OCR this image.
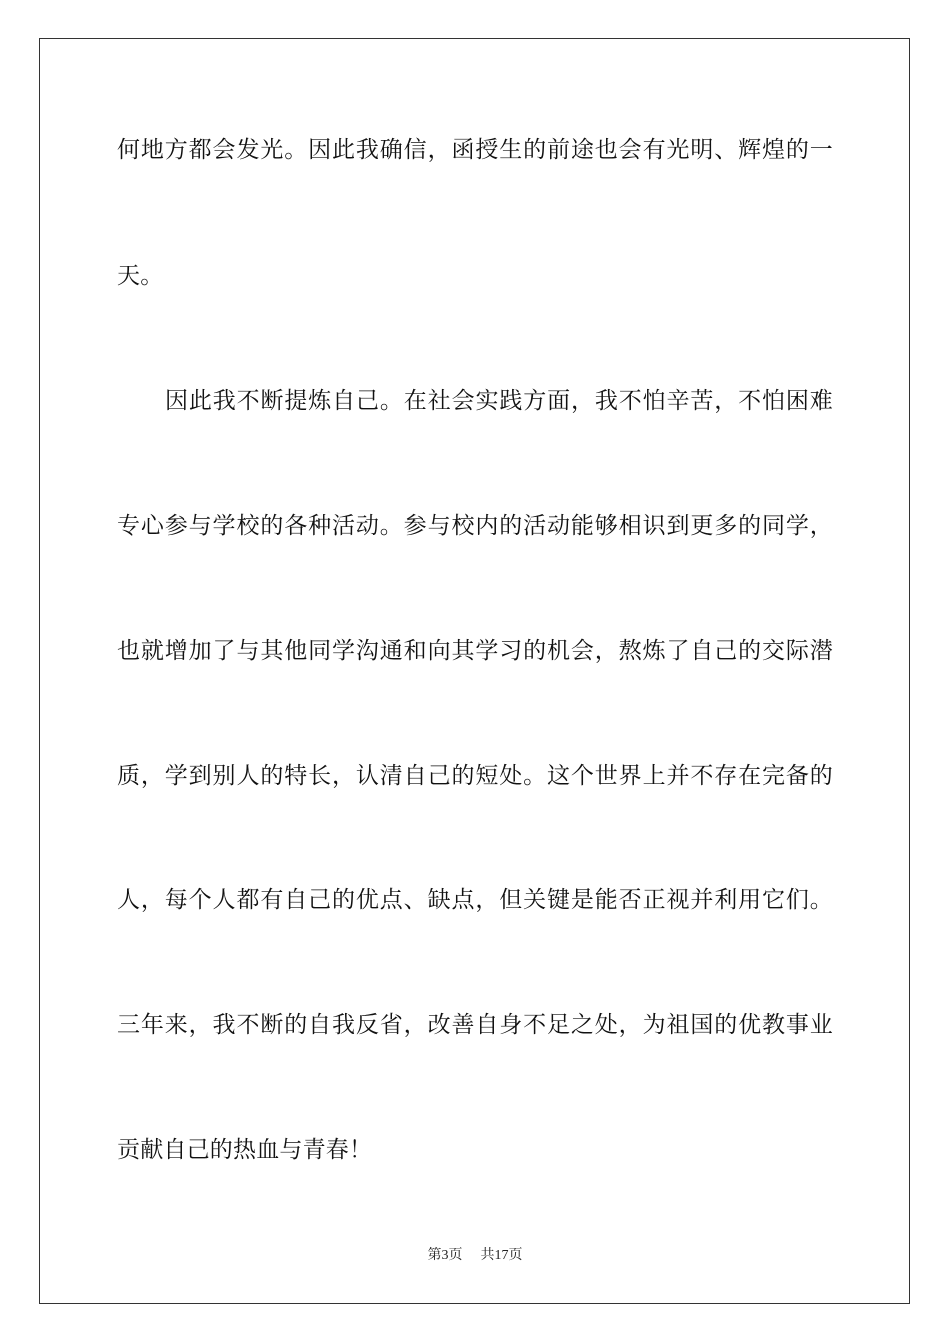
何地方都会发光。因此我确信，函授生的前途也会有光明、辉煌的一
天。
因此我不断提炼自己。在社会实践方面，我不怕辛苦，不怕困难
专心参与学校的各种活动。参与校内的活动能够相识到更多的同学，
也就增加了与其他同学沟通和向其学习的机会，熬炼了自己的交际潜
质，学到别人的特长，认清自己的短处。这个世界上并不存在完备的
人，每个人都有自己的优点、缺点，但关键是能否正视并利用它们。
三年来，我不断的自我反省，改善自身不足之处，为祖国的优教事业
贡献自己的热血与青春！
第3页 共17页
